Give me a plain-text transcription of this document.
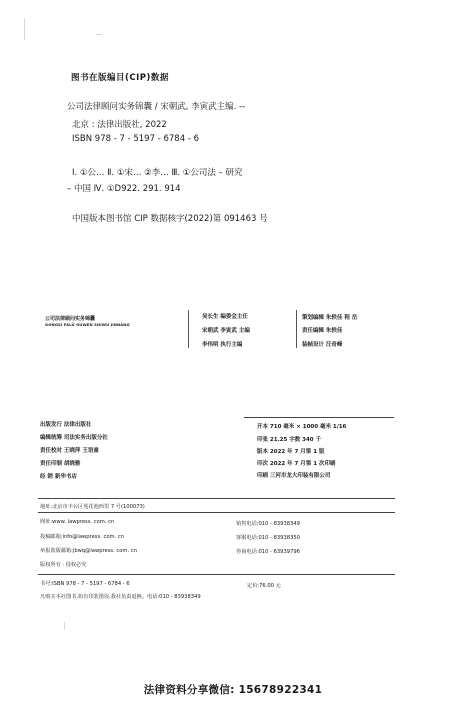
图书在版编目(CIP)数据
公司法律顾问实务锦囊 / 宋朝武, 李寅武主编. --
北京 : 法律出版社, 2022
ISBN 978 - 7 - 5197 - 6784 - 6
Ⅰ. ①公… Ⅱ. ①宋… ②李… Ⅲ. ①公司法 – 研究
– 中国 Ⅳ. ①D922. 291. 914
中国版本图书馆 CIP 数据核字(2022)第 091463 号
公司法律顾问实务锦囊
GONGSI FALÜ GUWEN SHIWU JINNANG
吴长生 编委会主任
宋朝武 李寅武 主编
李伟明 执行主编
策划编辑 朱轶佳 程 岳
责任编辑 朱轶佳
装帧设计 汪奇峰
出版发行 法律出版社
编辑统筹 司法实务出版分社
责任校对 王晓萍 王语童
责任印制 胡晓雅
经 销 新华书店
开本 710 毫米 × 1000 毫米 1/16
印张 21.25 字数 340 千
版本 2022 年 7 月第 1 版
印次 2022 年 7 月第 1 次印刷
印刷 三河市龙大印装有限公司
地址:北京市丰台区莲花池西里 7 号(100073)
网址:www. lawpress. com. cn
投稿邮箱:info@lawpress. com. cn
举报盗版邮箱:jbwq@lawpress. com. cn
版权所有 · 侵权必究
销售电话:010 - 83938349
客服电话:010 - 83938350
咨询电话:010 - 63939796
书号:ISBN 978 - 7 - 5197 - 6784 - 6	定价:76.00 元
凡购买本社图书,如有印装错误,我社负责退换。电话:010 - 83938349
法律资料分享微信: 15678922341
